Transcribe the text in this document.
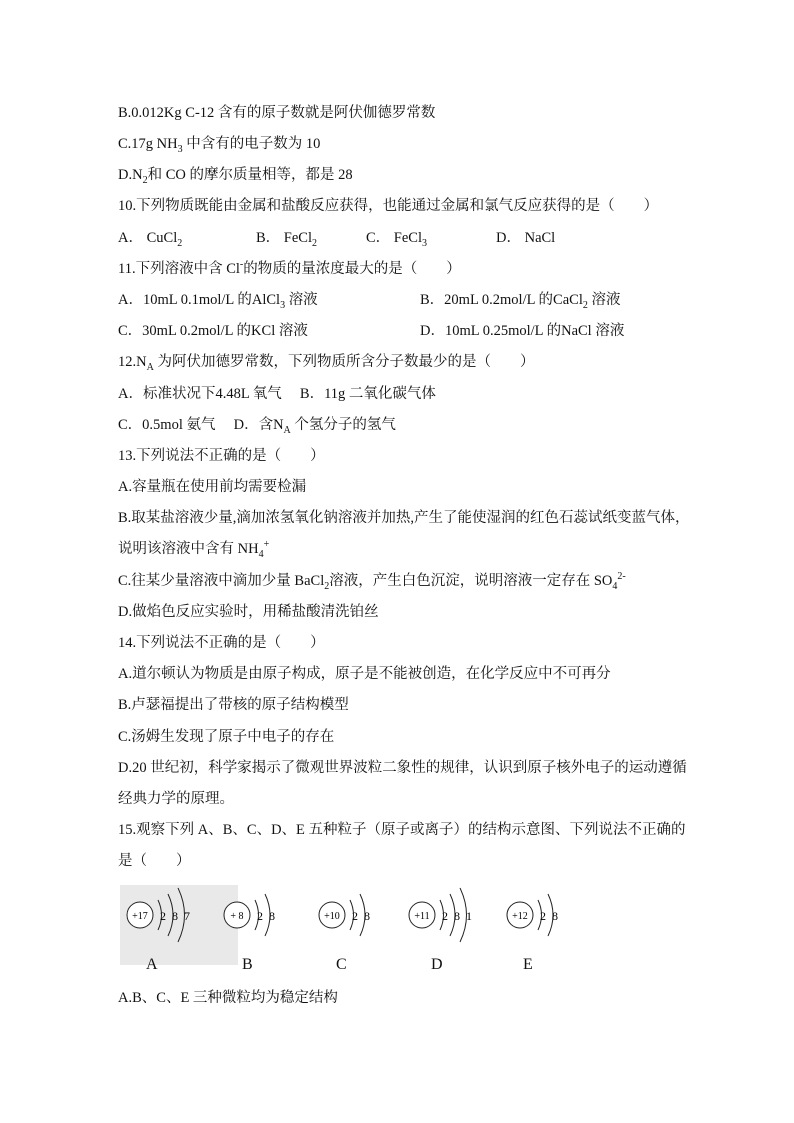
B.0.012Kg C-12 含有的原子数就是阿伏伽德罗常数
C.17g $NH_3$ 中含有的电子数为 10
$D.N_2$和 CO 的摩尔质量相等，都是 28
10.下列物质既能由金属和盐酸反应获得，也能通过金属和氯气反应获得的是（　　）
A． CuCl$_2$	B． FeCl$_2$	C． FeCl$_3$	D． NaCl
11.下列溶液中含 Cl-的物质的量浓度最大的是（　　）
A．10mL 0.1mol/L 的AlCl$_3$ 溶液	B．20mL 0.2mol/L 的CaCl$_2$ 溶液
C．30mL 0.2mol/L 的KCl 溶液	D．10mL 0.25mol/L 的NaCl 溶液
$12.N_A$ 为阿伏加德罗常数，下列物质所含分子数最少的是（　　）
A．标准状况下4.48L 氧气　 B．11g 二氧化碳气体
C．0.5mol 氨气　 D．含$N_A$ 个氢分子的氢气
13.下列说法不正确的是（　　）
A.容量瓶在使用前均需要检漏
B.取某盐溶液少量,滴加浓氢氧化钠溶液并加热,产生了能使湿润的红色石蕊试纸变蓝气体，
说明该溶液中含有 $NH_4^+$
C.往某少量溶液中滴加少量 BaCl$_2$溶液，产生白色沉淀，说明溶液一定存在 $SO_4^{2-}$
D.做焰色反应实验时，用稀盐酸清洗铂丝
14.下列说法不正确的是（　　）
A.道尔顿认为物质是由原子构成，原子是不能被创造，在化学反应中不可再分
B.卢瑟福提出了带核的原子结构模型
C.汤姆生发现了原子中电子的存在
D.20 世纪初，科学家揭示了微观世界波粒二象性的规律，认识到原子核外电子的运动遵循
经典力学的原理。
15.观察下列 A、B、C、D、E 五种粒子（原子或离子）的结构示意图、下列说法不正确的
是（　　）
+17 2 8 7	+ 8 2 8	+10 2 8	+11 2 8 1	+12 2 8
A	B	C	D	E
A.B、C、E 三种微粒均为稳定结构
